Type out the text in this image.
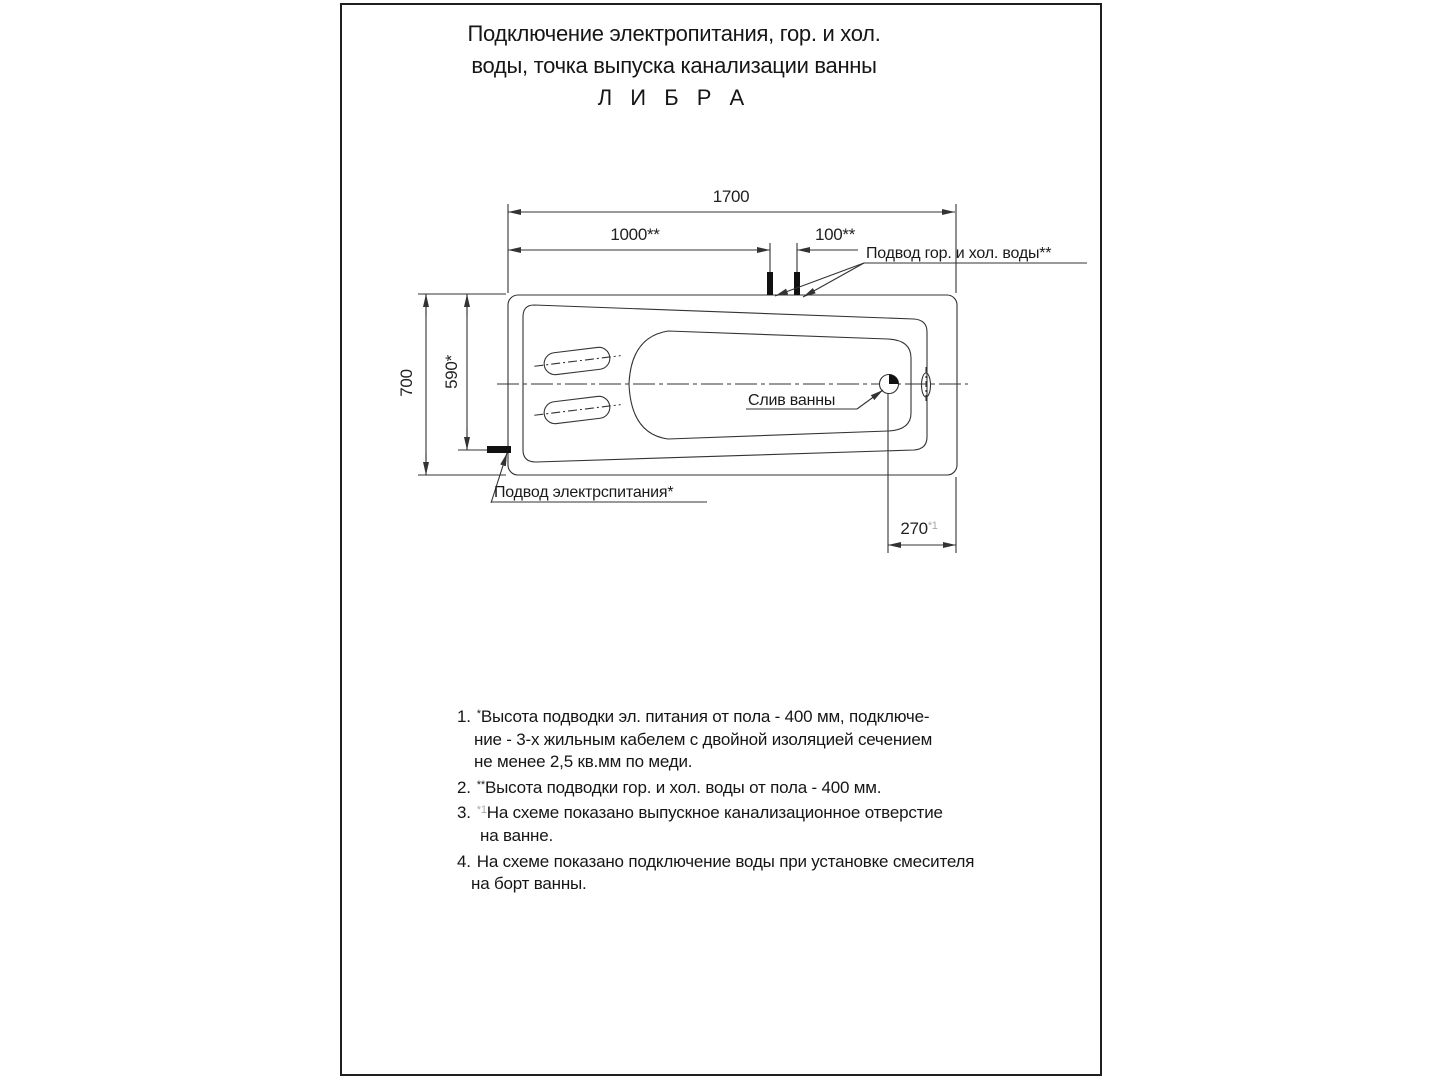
Подключение электропитания, гор. и хол.
воды, точка выпуска канализации ванны
Л И Б Р А
1700
1000**	100**
700 590*
270$^{*1}$
Подвод гор. и хол. воды**
Подвод электрспитания*
Слив ванны
1. *Высота подводки эл. питания от пола - 400 мм, подключе-
ние - 3-х жильным кабелем с двойной изоляцией сечением
не менее 2,5 кв.мм по меди.
2. **Высота подводки гор. и хол. воды от пола - 400 мм.
3. $^{*1}$На схеме показано выпускное канализационное отверстие
на ванне.
4. На схеме показано подключение воды при установке смесителя
на борт ванны.
